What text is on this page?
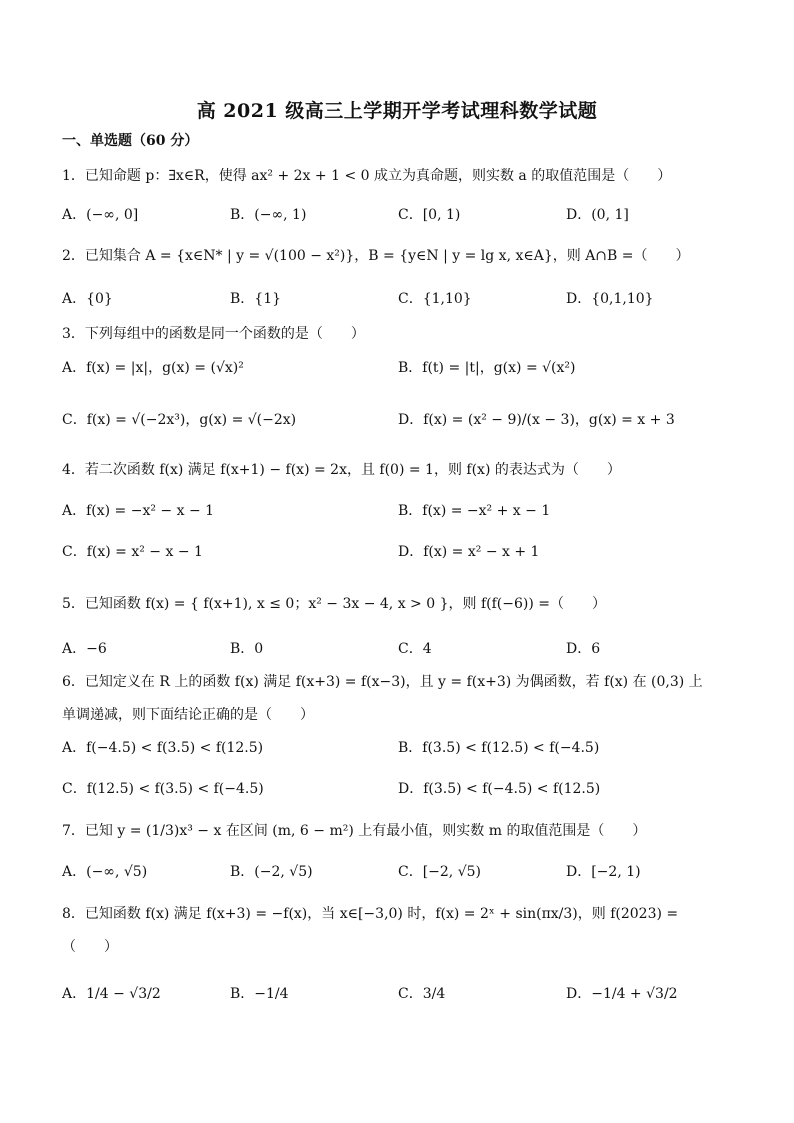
高 2021 级高三上学期开学考试理科数学试题
一、单选题（60 分）
1．已知命题 p：∃x∈R，使得 ax² + 2x + 1 < 0 成立为真命题，则实数 a 的取值范围是（　　）
A．(−∞, 0]	B．(−∞, 1)	C．[0, 1)	D．(0, 1]
2．已知集合 A = {x∈N* | y = √(100 − x²)}，B = {y∈N | y = lg x, x∈A}，则 A∩B =（　　）
A．{0}	B．{1}	C．{1,10}	D．{0,1,10}
3．下列每组中的函数是同一个函数的是（　　）
A．f(x) = |x|，g(x) = (√x)²	B．f(t) = |t|，g(x) = √(x²)
C．f(x) = √(−2x³)，g(x) = √(−2x)	D．f(x) = (x² − 9)/(x − 3)，g(x) = x + 3
4．若二次函数 f(x) 满足 f(x+1) − f(x) = 2x，且 f(0) = 1，则 f(x) 的表达式为（　　）
A．f(x) = −x² − x − 1	B．f(x) = −x² + x − 1
C．f(x) = x² − x − 1	D．f(x) = x² − x + 1
5．已知函数 f(x) = { f(x+1), x ≤ 0；x² − 3x − 4, x > 0 }，则 f(f(−6)) =（　　）
A．−6	B．0	C．4	D．6
6．已知定义在 R 上的函数 f(x) 满足 f(x+3) = f(x−3)，且 y = f(x+3) 为偶函数，若 f(x) 在 (0,3) 上
单调递减，则下面结论正确的是（　　）
A．f(−4.5) < f(3.5) < f(12.5)	B．f(3.5) < f(12.5) < f(−4.5)
C．f(12.5) < f(3.5) < f(−4.5)	D．f(3.5) < f(−4.5) < f(12.5)
7．已知 y = (1/3)x³ − x 在区间 (m, 6 − m²) 上有最小值，则实数 m 的取值范围是（　　）
A．(−∞, √5)	B．(−2, √5)	C．[−2, √5)	D．[−2, 1)
8．已知函数 f(x) 满足 f(x+3) = −f(x)，当 x∈[−3,0) 时，f(x) = 2ˣ + sin(πx/3)，则 f(2023) =
（　　）
A．1/4 − √3/2	B．−1/4	C．3/4	D．−1/4 + √3/2
